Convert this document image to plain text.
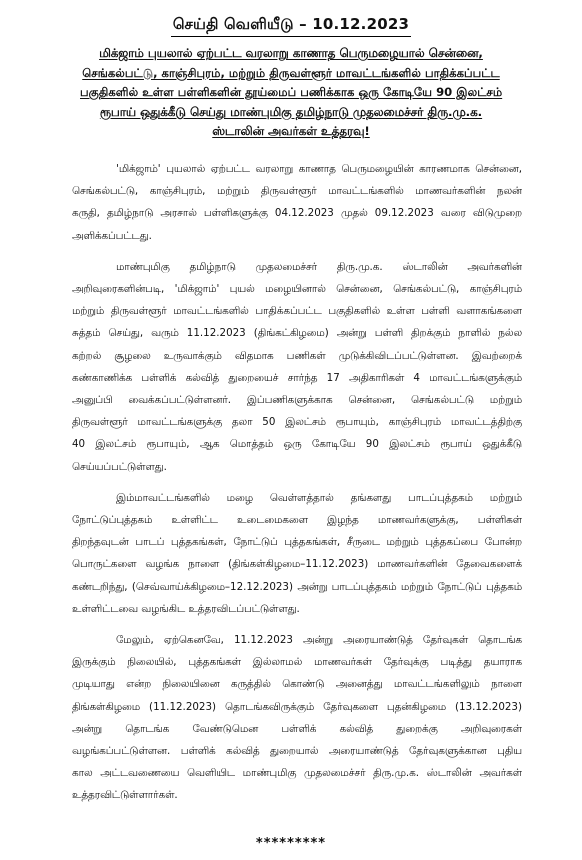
செய்தி வெளியீடு – 10.12.2023
மிக்ஜாம் புயலால் ஏற்பட்ட வரலாறு காணாத பெருமழையால் சென்னை,
செங்கல்பட்டு, காஞ்சிபுரம், மற்றும் திருவள்ளூர் மாவட்டங்களில் பாதிக்கப்பட்ட
பகுதிகளில் உள்ள பள்ளிகளின் தூய்மைப் பணிக்காக ஒரு கோடியே 90 இலட்சம்
ரூபாய் ஒதுக்கீடு செய்து மாண்புமிகு தமிழ்நாடு முதலமைச்சர் திரு.மு.க.
ஸ்டாலின் அவர்கள் உத்தரவு!
'மிக்ஜாம்' புயலால் ஏற்பட்ட வரலாறு காணாத பெருமழையின் காரணமாக சென்னை,
செங்கல்பட்டு, காஞ்சிபுரம், மற்றும் திருவள்ளூர் மாவட்டங்களில் மாணவர்களின் நலன்
கருதி, தமிழ்நாடு அரசால் பள்ளிகளுக்கு 04.12.2023 முதல் 09.12.2023 வரை விடுமுறை
அளிக்கப்பட்டது.
மாண்புமிகு தமிழ்நாடு முதலமைச்சர் திரு.மு.க. ஸ்டாலின் அவர்களின்
அறிவுரைகளின்படி, 'மிக்ஜாம்' புயல் மழையினால் சென்னை, செங்கல்பட்டு, காஞ்சிபுரம்
மற்றும் திருவள்ளூர் மாவட்டங்களில் பாதிக்கப்பட்ட பகுதிகளில் உள்ள பள்ளி வளாகங்களை
சுத்தம் செய்து, வரும் 11.12.2023 (திங்கட்கிழமை) அன்று பள்ளி திறக்கும் நாளில் நல்ல
கற்றல் சூழலை உருவாக்கும் விதமாக பணிகள் முடுக்கிவிடப்பட்டுள்ளன. இவற்றைக்
கண்காணிக்க பள்ளிக் கல்வித் துறையைச் சார்ந்த 17 அதிகாரிகள் 4 மாவட்டங்களுக்கும்
அனுப்பி வைக்கப்பட்டுள்ளனர். இப்பணிகளுக்காக சென்னை, செங்கல்பட்டு மற்றும்
திருவள்ளூர் மாவட்டங்களுக்கு தலா 50 இலட்சம் ரூபாயும், காஞ்சிபுரம் மாவட்டத்திற்கு
40 இலட்சம் ரூபாயும், ஆக மொத்தம் ஒரு கோடியே 90 இலட்சம் ரூபாய் ஒதுக்கீடு
செய்யப்பட்டுள்ளது.
இம்மாவட்டங்களில் மழை வெள்ளத்தால் தங்களது பாடப்புத்தகம் மற்றும்
நோட்டுப்புத்தகம் உள்ளிட்ட உடைமைகளை இழந்த மாணவர்களுக்கு, பள்ளிகள்
திறந்தவுடன் பாடப் புத்தகங்கள், நோட்டுப் புத்தகங்கள், சீருடை மற்றும் புத்தகப்பை போன்ற
பொருட்களை வழங்க நாளை (திங்கள்கிழமை–11.12.2023) மாணவர்களின் தேவைகளைக்
கண்டறிந்து, (செவ்வாய்க்கிழமை–12.12.2023) அன்று பாடப்புத்தகம் மற்றும் நோட்டுப் புத்தகம்
உள்ளிட்டவை வழங்கிட உத்தரவிடப்பட்டுள்ளது.
மேலும், ஏற்கெனவே, 11.12.2023 அன்று அரையாண்டுத் தேர்வுகள் தொடங்க
இருக்கும் நிலையில், புத்தகங்கள் இல்லாமல் மாணவர்கள் தேர்வுக்கு படித்து தயாராக
முடியாது என்ற நிலையினை கருத்தில் கொண்டு அனைத்து மாவட்டங்களிலும் நாளை
திங்கள்கிழமை (11.12.2023) தொடங்கவிருக்கும் தேர்வுகளை புதன்கிழமை (13.12.2023)
அன்று தொடங்க வேண்டுமென பள்ளிக் கல்வித் துறைக்கு அறிவுரைகள்
வழங்கப்பட்டுள்ளன. பள்ளிக் கல்வித் துறையால் அரையாண்டுத் தேர்வுகளுக்கான புதிய
கால அட்டவணையை வெளியிட மாண்புமிகு முதலமைச்சர் திரு.மு.க. ஸ்டாலின் அவர்கள்
உத்தரவிட்டுள்ளார்கள்.
*********
